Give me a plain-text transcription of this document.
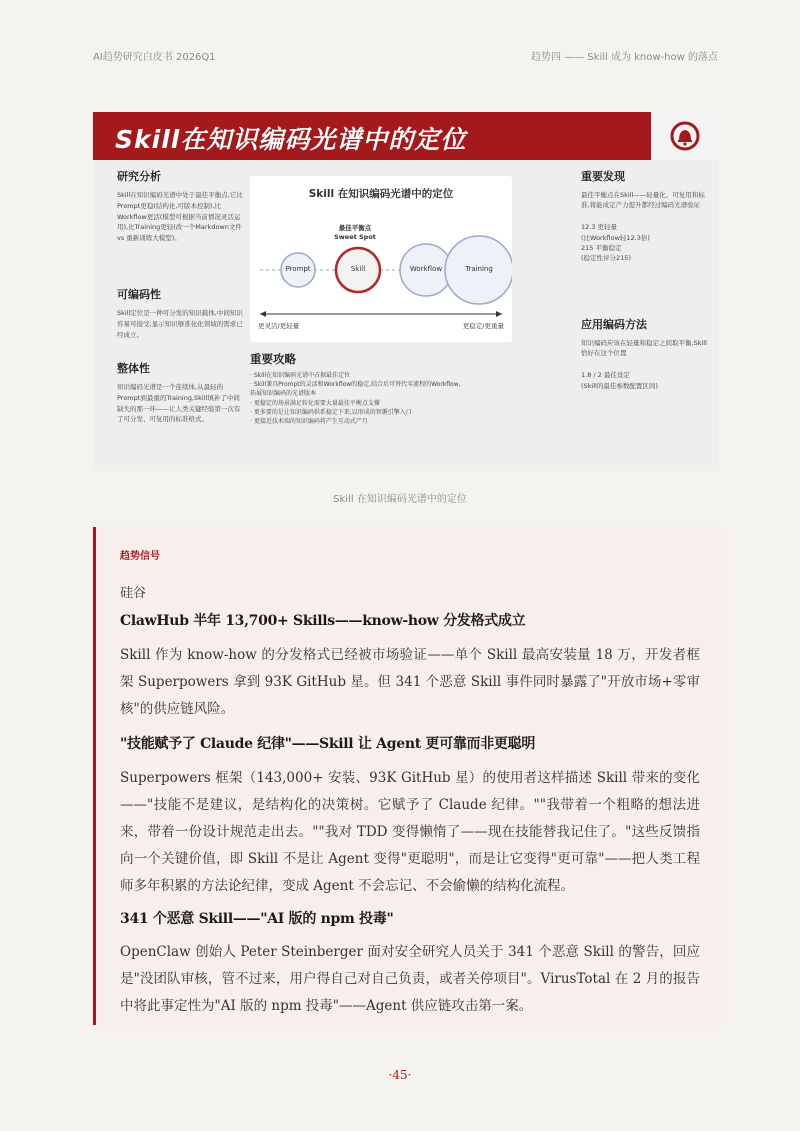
AI趋势研究白皮书 2026Q1	趋势四 —— Skill 成为 know-how 的落点
Skill在知识编码光谱中的定位
研究分析

Skill在知识编码光谱中处于最佳平衡点,它比Prompt更稳(结构化,可版本控制),比Workflow更活(模型可根据当前情况灵活运用),比Training更轻(改一个Markdown文件 vs 重新训练大模型)。

可编码性

Skill定位是一种可分发的知识载体,中间知识容易可接受;显示知识够准化化领域的需求已经成立。

整体性

知识编码光谱是一个连续体,从最轻的Prompt到最重的Training,Skill填补了中间缺失的那一环——让人类关键经验第一次有了可分发、可复用的标准格式。

Skill 在知识编码光谱中的定位
最佳平衡点
Sweet Spot
Prompt	Skill	Workflow	Training
更灵活/更轻量	更稳定/更重量
重要攻略
· Skill在知识编码光谱中占据最佳定位
· Skill兼具Prompt的灵活和Workflow的稳定,结合后可替代零流程的Workflow,
拓展知识编码的光谱版本
· 更稳定的场景满足转化需要大量最佳平衡点支撑
· 更多要的是让知识编码供系稳定下来,以形成的智循引擎入口
· 更接近技术端的知识编码将产生互动式产月
重要发现

最佳平衡点在Skill——轻量化、可复用和标准,将能成定产力提升都经过编码光谱验证

12.3 更轻量

(比Workflow轻12.3倍)

215 平衡稳定

(稳定性评分215)

应用编码方法

知识编码应该在轻量和稳定之间取平衡,Skill恰好在这个位置

1.8 / 2 最佳设定

(Skill的最佳参数配置区间)

Skill 在知识编码光谱中的定位
趋势信号
硅谷
ClawHub 半年 13,700+ Skills——know-how 分发格式成立

Skill 作为 know-how 的分发格式已经被市场验证——单个 Skill 最高安装量 18 万，开发者框架 Superpowers 拿到 93K GitHub 星。但 341 个恶意 Skill 事件同时暴露了"开放市场+零审核"的供应链风险。

"技能赋予了 Claude 纪律"——Skill 让 Agent 更可靠而非更聪明

Superpowers 框架（143,000+ 安装、93K GitHub 星）的使用者这样描述 Skill 带来的变化——"技能不是建议，是结构化的决策树。它赋予了 Claude 纪律。""我带着一个粗略的想法进来，带着一份设计规范走出去。""我对 TDD 变得懒惰了——现在技能替我记住了。"这些反馈指向一个关键价值，即 Skill 不是让 Agent 变得"更聪明"，而是让它变得"更可靠"——把人类工程师多年积累的方法论纪律，变成 Agent 不会忘记、不会偷懒的结构化流程。

341 个恶意 Skill——"AI 版的 npm 投毒"

OpenClaw 创始人 Peter Steinberger 面对安全研究人员关于 341 个恶意 Skill 的警告，回应是"没团队审核，管不过来，用户得自己对自己负责，或者关停项目"。VirusTotal 在 2 月的报告中将此事定性为"AI 版的 npm 投毒"——Agent 供应链攻击第一案。

·45·
